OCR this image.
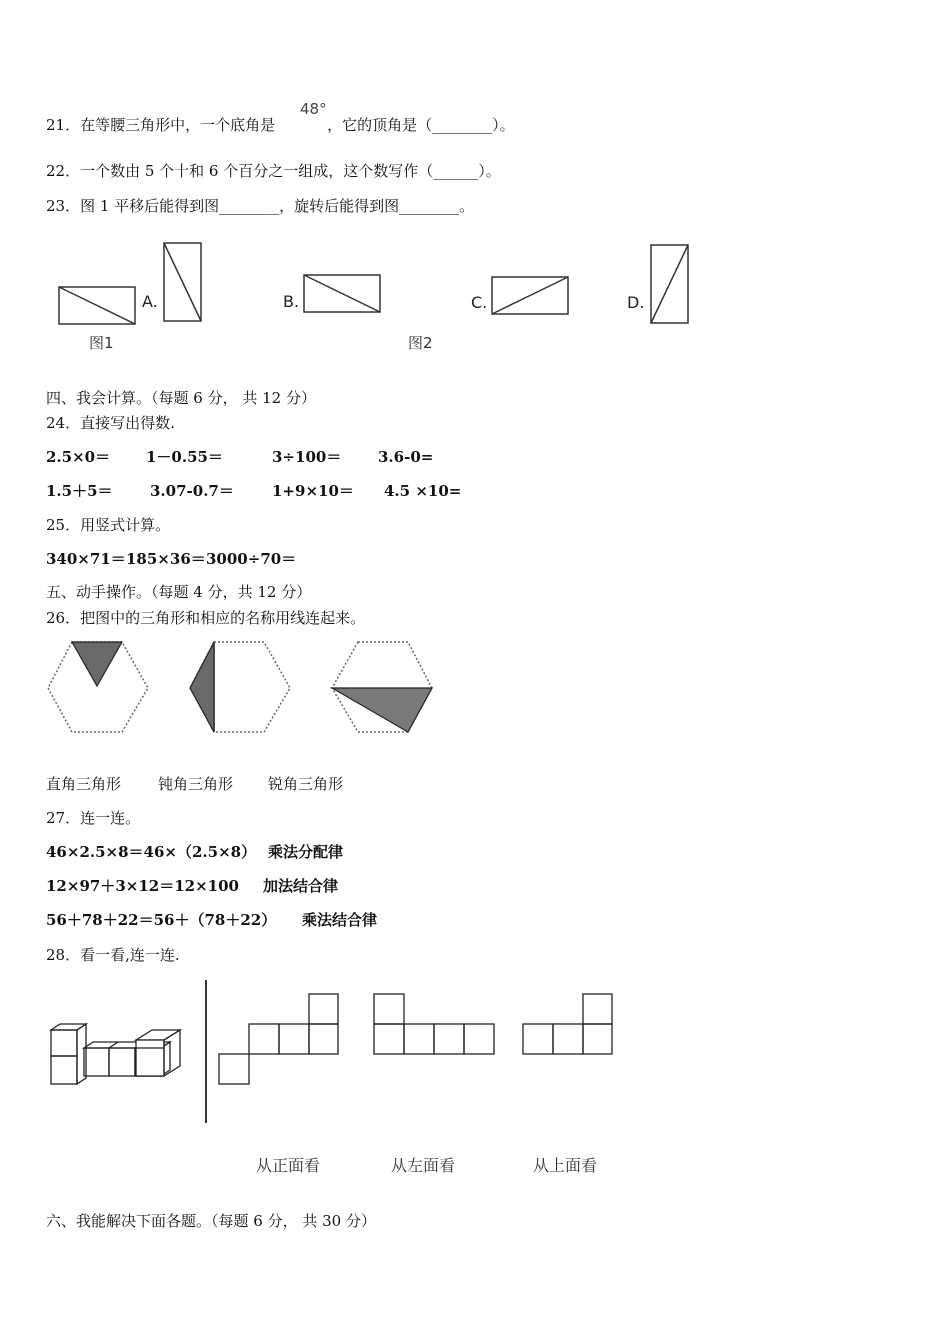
21．在等腰三角形中，一个底角是	，它的顶角是（________）。
48°
22．一个数由 5 个十和 6 个百分之一组成，这个数写作（______）。
23．图 1 平移后能得到图________，旋转后能得到图________。
A.	B.	C.	D.
图1	图2
四、我会计算。（每题 6 分， 共 12 分）
24．直接写出得数.
2.5×0＝ 1－0.55＝	3÷100＝ 3.6-0=
1.5＋5＝ 3.07-0.7＝	1+9×10＝ 4.5 ×10=
25．用竖式计算。
340×71＝ 185×36＝ 3000÷70＝
五、动手操作。（每题 4 分，共 12 分）
26．把图中的三角形和相应的名称用线连起来。
直角三角形 钝角三角形 锐角三角形
27．连一连。
46×2.5×8＝46×（2.5×8） 乘法分配律
12×97＋3×12＝12×100 加法结合律
56＋78＋22＝56＋（78＋22） 乘法结合律
28．看一看,连一连.
从正面看	从左面看	从上面看
六、我能解决下面各题。（每题 6 分， 共 30 分）
